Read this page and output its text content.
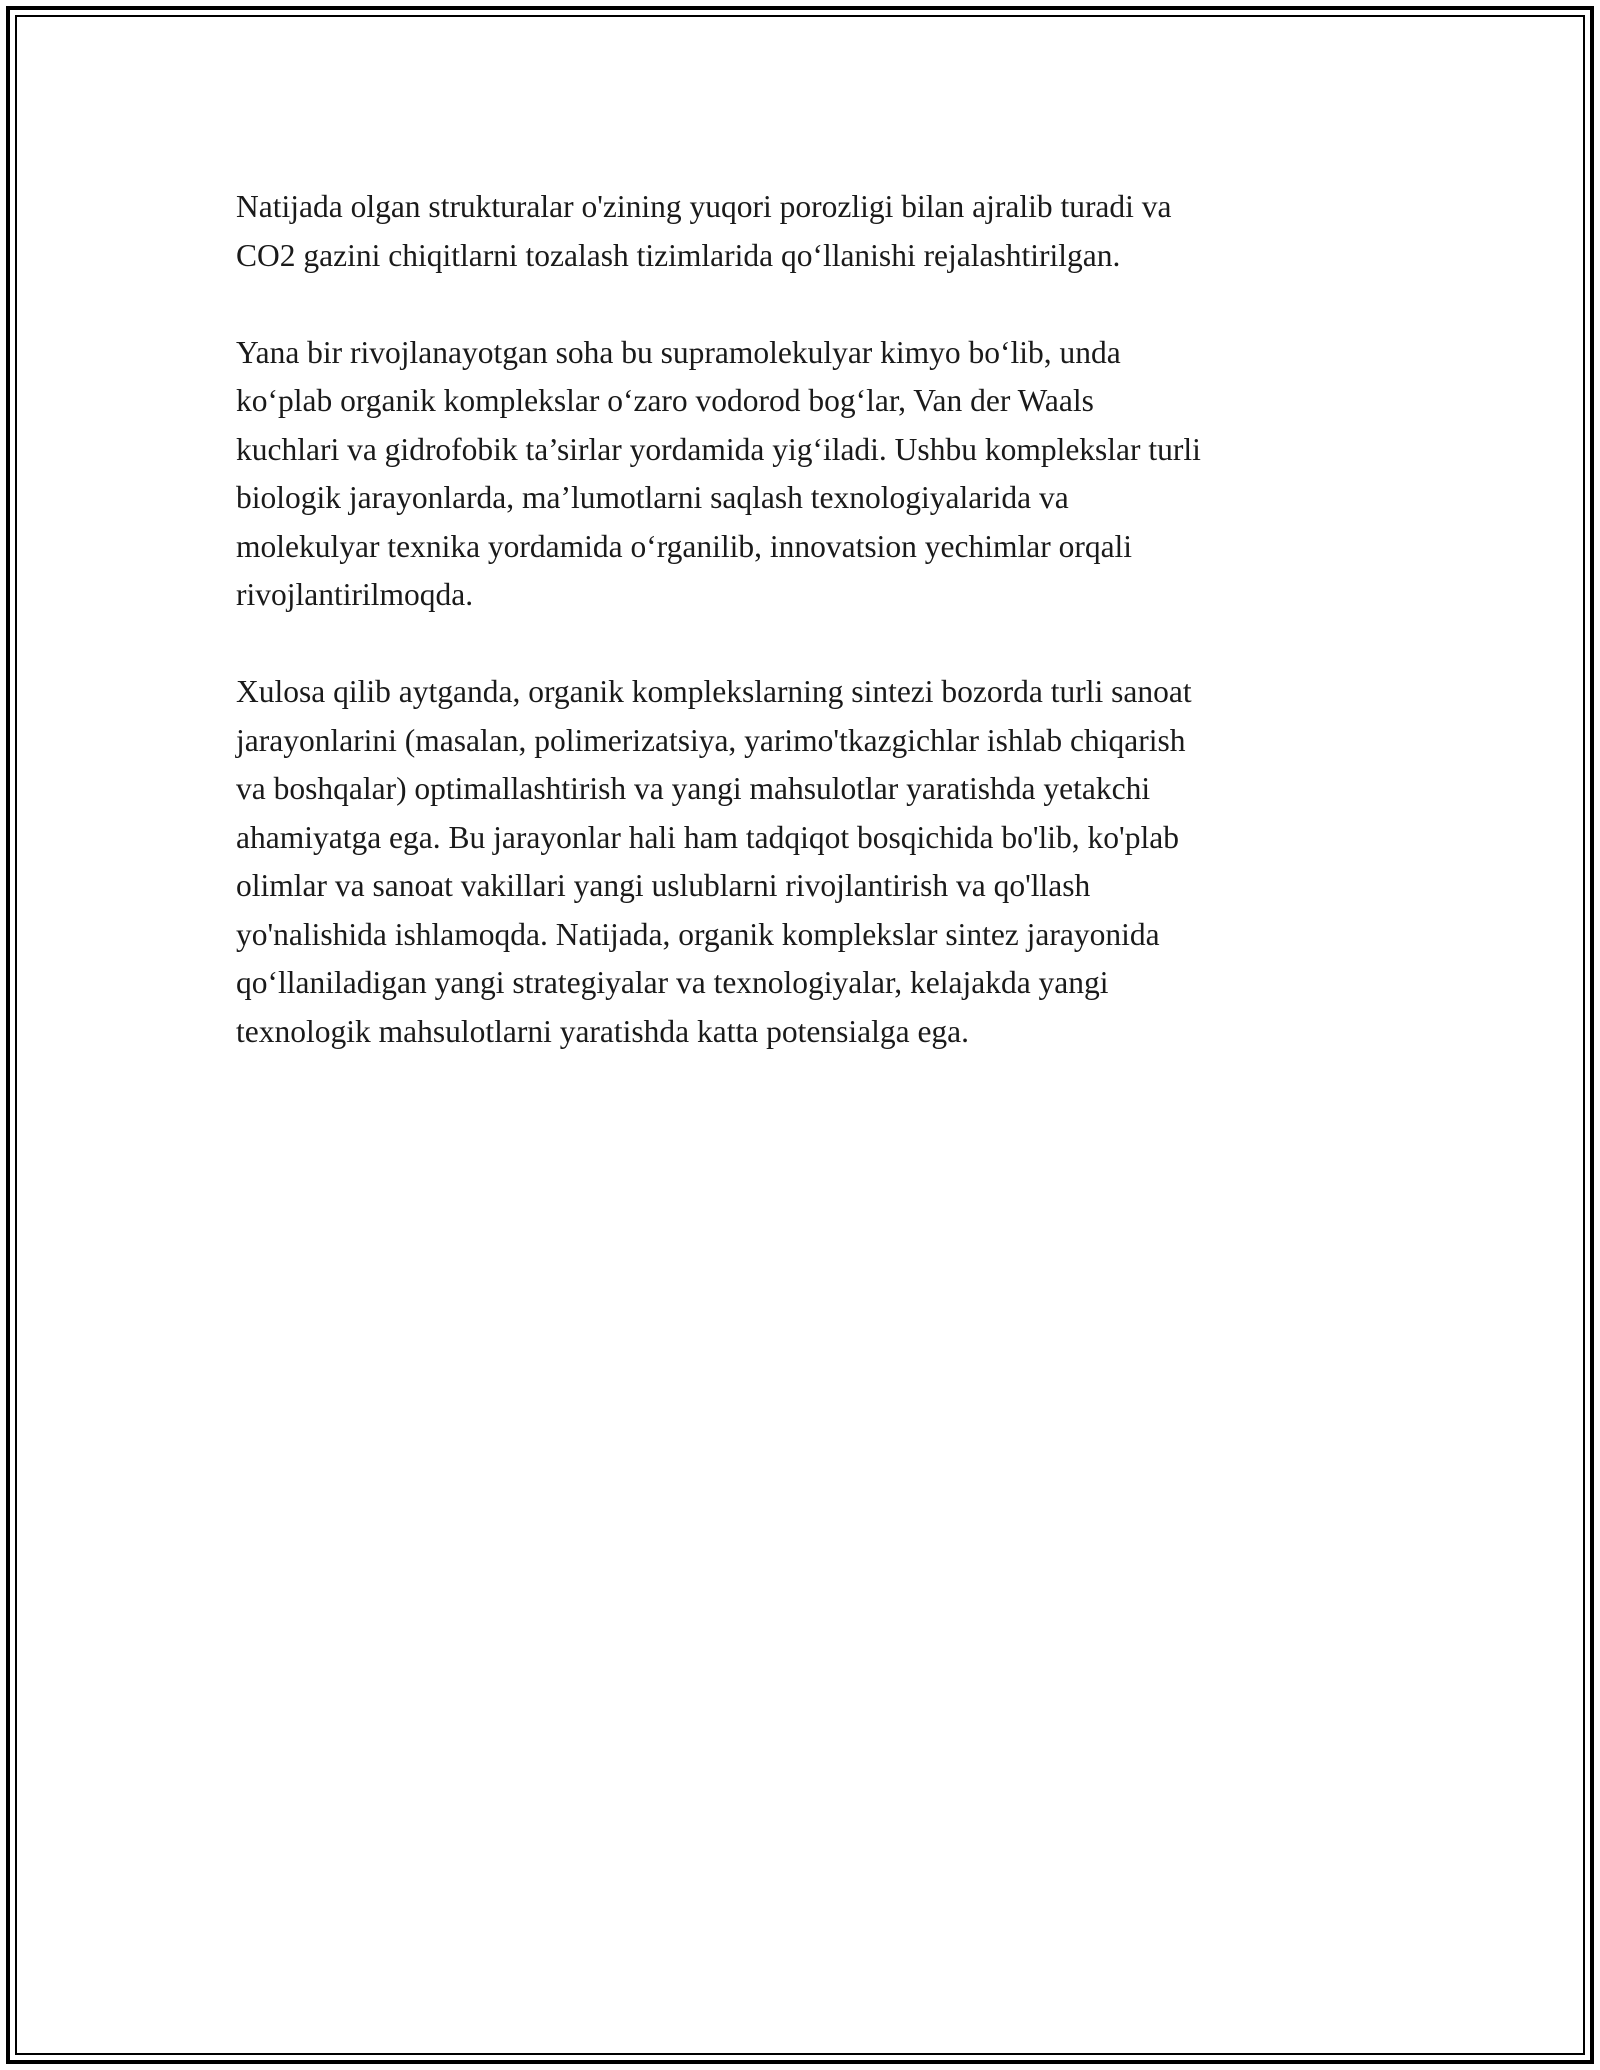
Natijada olgan strukturalar o'zining yuqori porozligi bilan ajralib turadi va
CO2 gazini chiqitlarni tozalash tizimlarida qo‘llanishi rejalashtirilgan.

Yana bir rivojlanayotgan soha bu supramolekulyar kimyo bo‘lib, unda
ko‘plab organik komplekslar o‘zaro vodorod bog‘lar, Van der Waals
kuchlari va gidrofobik ta’sirlar yordamida yig‘iladi. Ushbu komplekslar turli
biologik jarayonlarda, ma’lumotlarni saqlash texnologiyalarida va
molekulyar texnika yordamida o‘rganilib, innovatsion yechimlar orqali
rivojlantirilmoqda.

Xulosa qilib aytganda, organik komplekslarning sintezi bozorda turli sanoat
jarayonlarini (masalan, polimerizatsiya, yarimo'tkazgichlar ishlab chiqarish
va boshqalar) optimallashtirish va yangi mahsulotlar yaratishda yetakchi
ahamiyatga ega. Bu jarayonlar hali ham tadqiqot bosqichida bo'lib, ko'plab
olimlar va sanoat vakillari yangi uslublarni rivojlantirish va qo'llash
yo'nalishida ishlamoqda. Natijada, organik komplekslar sintez jarayonida
qo‘llaniladigan yangi strategiyalar va texnologiyalar, kelajakda yangi
texnologik mahsulotlarni yaratishda katta potensialga ega.
